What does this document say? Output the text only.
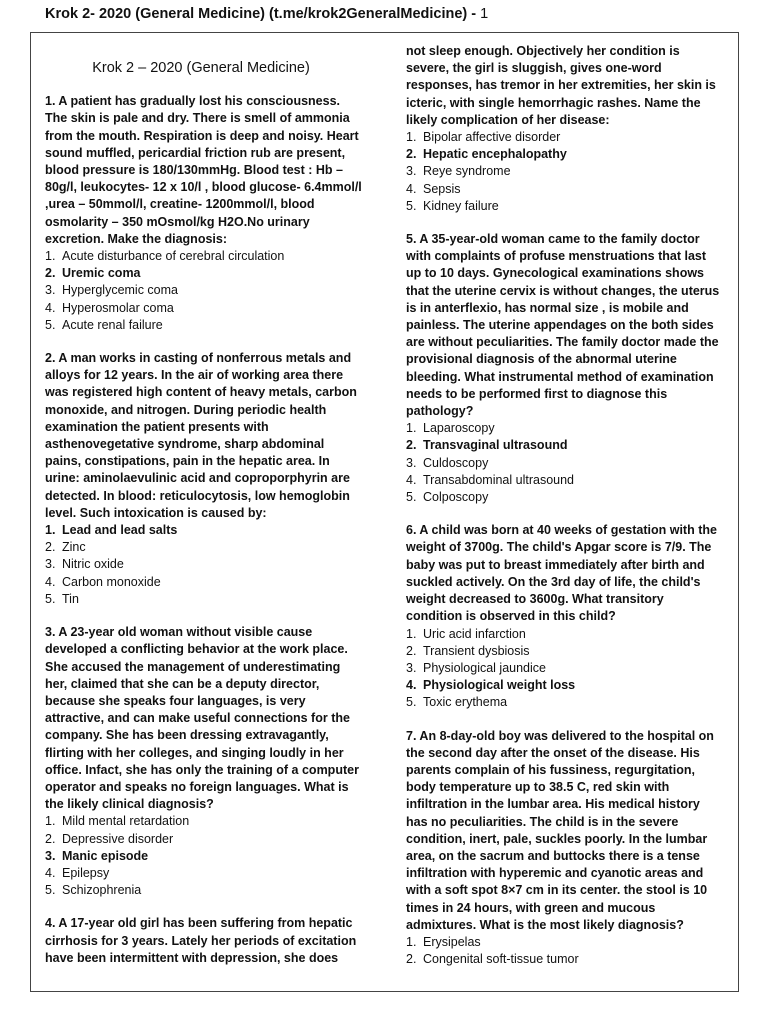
Krok 2- 2020 (General Medicine) (t.me/krok2GeneralMedicine) - 1
Krok 2 – 2020 (General Medicine)

1. A patient has gradually lost his consciousness. The skin is pale and dry. There is smell of ammonia from the mouth. Respiration is deep and noisy. Heart sound muffled, pericardial friction rub are present, blood pressure is 180/130mmHg. Blood test : Hb – 80g/l, leukocytes- 12 x 10/l , blood glucose- 6.4mmol/l ,urea – 50mmol/l, creatine- 1200mmol/l, blood osmolarity – 350 mOsmol/kg H2O.No urinary excretion. Make the diagnosis:

1. Acute disturbance of cerebral circulation
2. Uremic coma
3. Hyperglycemic coma
4. Hyperosmolar coma
5. Acute renal failure

2. A man works in casting of nonferrous metals and alloys for 12 years. In the air of working area there was registered high content of heavy metals, carbon monoxide, and nitrogen. During periodic health examination the patient presents with asthenovegetative syndrome, sharp abdominal pains, constipations, pain in the hepatic area. In urine: aminolaevulinic acid and coproporphyrin are detected. In blood: reticulocytosis, low hemoglobin level. Such intoxication is caused by:

1. Lead and lead salts
2. Zinc
3. Nitric oxide
4. Carbon monoxide
5. Tin

3. A 23-year old woman without visible cause developed a conflicting behavior at the work place. She accused the management of underestimating her, claimed that she can be a deputy director, because she speaks four languages, is very attractive, and can make useful connections for the company. She has been dressing extravagantly, flirting with her colleges, and singing loudly in her office. Infact, she has only the training of a computer operator and speaks no foreign languages. What is the likely clinical diagnosis?

1. Mild mental retardation
2. Depressive disorder
3. Manic episode
4. Epilepsy
5. Schizophrenia

4. A 17-year old girl has been suffering from hepatic cirrhosis for 3 years. Lately her periods of excitation have been intermittent with depression, she does

not sleep enough. Objectively her condition is severe, the girl is sluggish, gives one-word responses, has tremor in her extremities, her skin is icteric, with single hemorrhagic rashes. Name the likely complication of her disease:

1. Bipolar affective disorder
2. Hepatic encephalopathy
3. Reye syndrome
4. Sepsis
5. Kidney failure

5. A 35-year-old woman came to the family doctor with complaints of profuse menstruations that last up to 10 days. Gynecological examinations shows that the uterine cervix is without changes, the uterus is in anterflexio, has normal size , is mobile and painless. The uterine appendages on the both sides are without peculiarities. The family doctor made the provisional diagnosis of the abnormal uterine bleeding. What instrumental method of examination needs to be performed first to diagnose this pathology?

1. Laparoscopy
2. Transvaginal ultrasound
3. Culdoscopy
4. Transabdominal ultrasound
5. Colposcopy

6. A child was born at 40 weeks of gestation with the weight of 3700g. The child's Apgar score is 7/9. The baby was put to breast immediately after birth and suckled actively. On the 3rd day of life, the child's weight decreased to 3600g. What transitory condition is observed in this child?

1. Uric acid infarction
2. Transient dysbiosis
3. Physiological jaundice
4. Physiological weight loss
5. Toxic erythema

7. An 8-day-old boy was delivered to the hospital on the second day after the onset of the disease. His parents complain of his fussiness, regurgitation, body temperature up to 38.5 C, red skin with infiltration in the lumbar area. His medical history has no peculiarities. The child is in the severe condition, inert, pale, suckles poorly. In the lumbar area, on the sacrum and buttocks there is a tense infiltration with hyperemic and cyanotic areas and with a soft spot 8×7 cm in its center. the stool is 10 times in 24 hours, with green and mucous admixtures. What is the most likely diagnosis?

1. Erysipelas
2. Congenital soft-tissue tumor
